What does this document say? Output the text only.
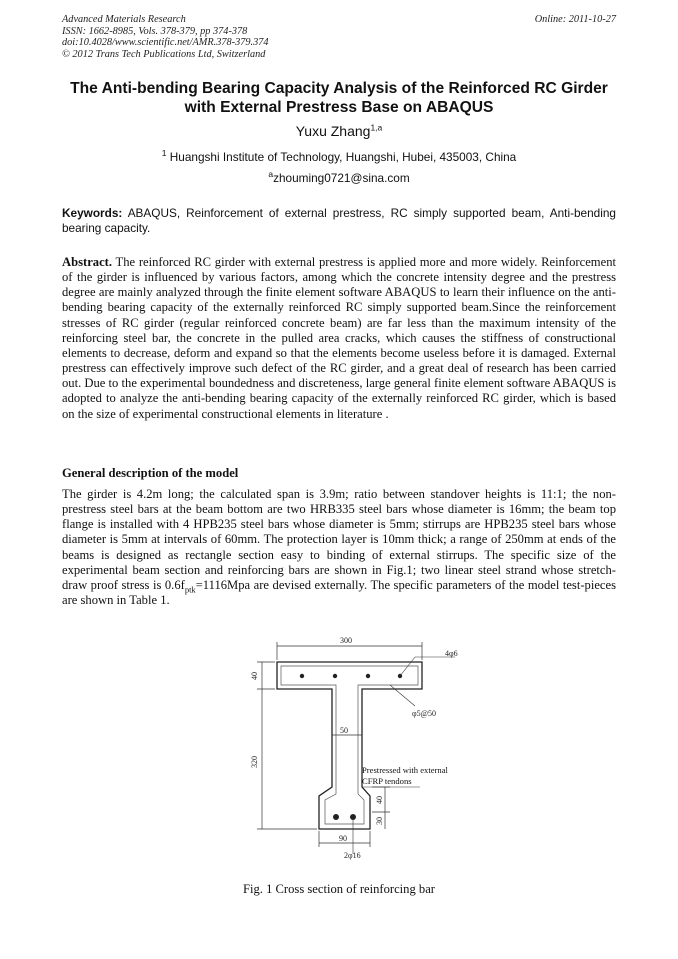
Advanced Materials Research
ISSN: 1662-8985, Vols. 378-379, pp 374-378
doi:10.4028/www.scientific.net/AMR.378-379.374
© 2012 Trans Tech Publications Ltd, Switzerland
Online: 2011-10-27
The Anti-bending Bearing Capacity Analysis of the Reinforced RC Girder
with External Prestress Base on ABAQUS
Yuxu Zhang$^{1,a}$
$^1$ Huangshi Institute of Technology, Huangshi, Hubei, 435003, China
$^a$zhouming0721@sina.com
Keywords: ABAQUS, Reinforcement of external prestress, RC simply supported beam, Anti-bending bearing capacity.
Abstract. The reinforced RC girder with external prestress is applied more and more widely. Reinforcement of the girder is influenced by various factors, among which the concrete intensity degree and the prestress degree are mainly analyzed through the finite element software ABAQUS to learn their influence on the anti-bending bearing capacity of the externally reinforced RC simply supported beam.Since the reinforcement stresses of RC girder (regular reinforced concrete beam) are far less than the maximum intensity of the reinforcing steel bar, the concrete in the pulled area cracks, which causes the stiffness of constructional elements to decrease, deform and expand so that the elements become useless before it is damaged. External prestress can effectively improve such defect of the RC girder, and a great deal of research has been carried out. Due to the experimental boundedness and discreteness, large general finite element software ABAQUS is adopted to analyze the anti-bending bearing capacity of the externally reinforced RC girder, which is based on the size of experimental constructional elements in literature .
General description of the model
The girder is 4.2m long; the calculated span is 3.9m; ratio between standover heights is 11:1; the non-prestress steel bars at the beam bottom are two HRB335 steel bars whose diameter is 16mm; the beam top flange is installed with 4 HPB235 steel bars whose diameter is 5mm; stirrups are HPB235 steel bars whose diameter is 5mm at intervals of 60mm. The protection layer is 10mm thick; a range of 250mm at ends of the beams is designed as rectangle section easy to binding of external stirrups. The specific size of the experimental beam section and reinforcing bars are shown in Fig.1; two linear steel strand whose stretch-draw proof stress is $0.6f_{ptk}=1116Mpa$ are devised externally. The specific parameters of the model test-pieces are shown in Table 1.
300
40
320
50
40
30
90
4φ6
φ5@50
Prestressed with external
CFRP tendons
2φ16
Fig. 1 Cross section of reinforcing bar
